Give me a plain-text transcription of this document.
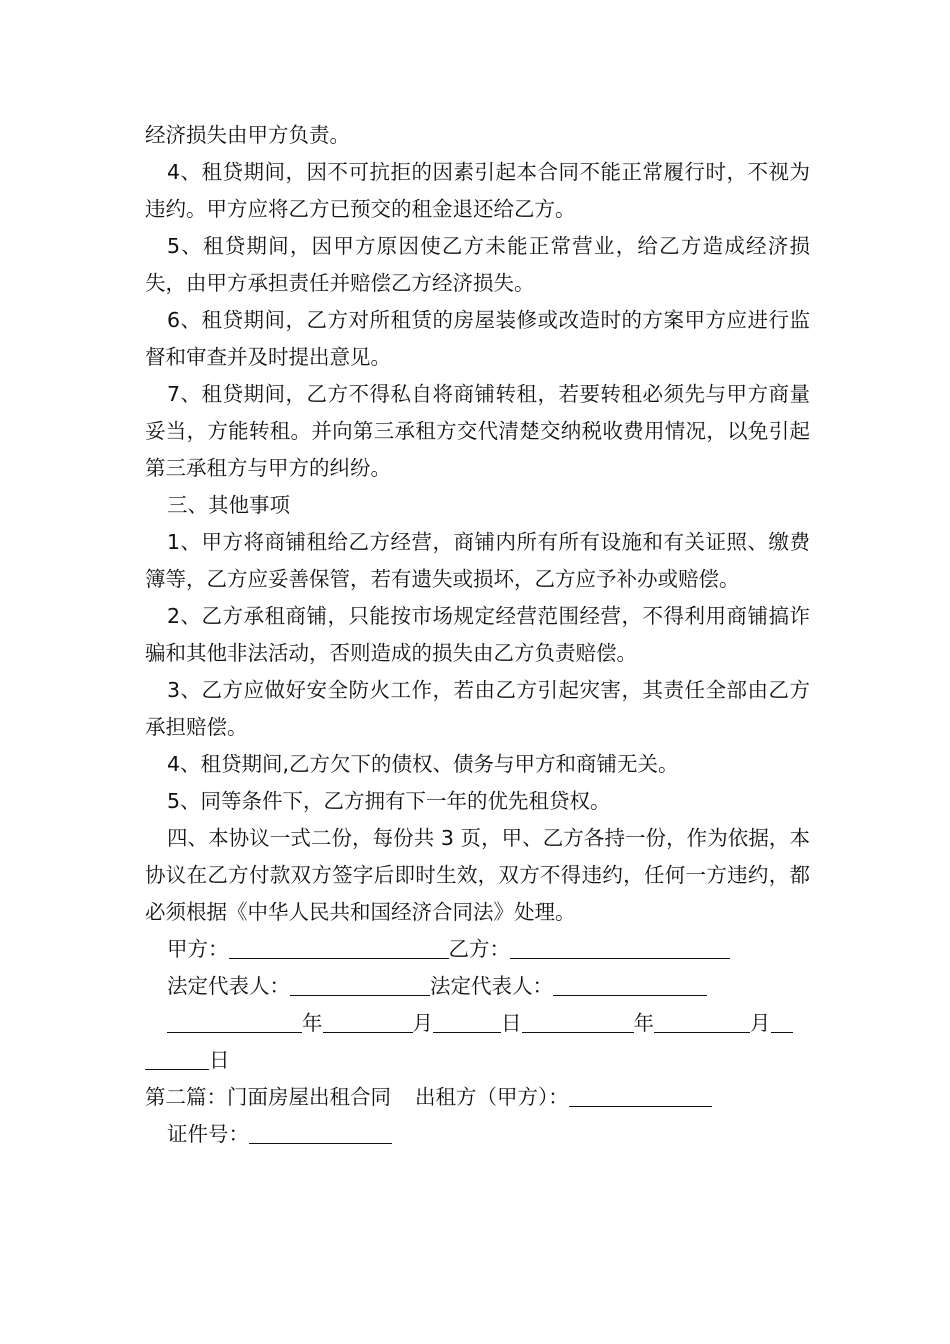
经济损失由甲方负责。

4、租贷期间，因不可抗拒的因素引起本合同不能正常履行时，不视为违约。甲方应将乙方已预交的租金退还给乙方。

5、租贷期间，因甲方原因使乙方未能正常营业，给乙方造成经济损失，由甲方承担责任并赔偿乙方经济损失。

6、租贷期间，乙方对所租赁的房屋装修或改造时的方案甲方应进行监督和审查并及时提出意见。

7、租贷期间，乙方不得私自将商铺转租，若要转租必须先与甲方商量妥当，方能转租。并向第三承租方交代清楚交纳税收费用情况，以免引起第三承租方与甲方的纠纷。

三、其他事项

1、甲方将商铺租给乙方经营，商铺内所有所有设施和有关证照、缴费簿等，乙方应妥善保管，若有遗失或损坏，乙方应予补办或赔偿。

2、乙方承租商铺，只能按市场规定经营范围经营，不得利用商铺搞诈骗和其他非法活动，否则造成的损失由乙方负责赔偿。

3、乙方应做好安全防火工作，若由乙方引起灾害，其责任全部由乙方承担赔偿。

4、租贷期间,乙方欠下的债权、债务与甲方和商铺无关。

5、同等条件下，乙方拥有下一年的优先租贷权。

四、本协议一式二份，每份共 3 页，甲、乙方各持一份，作为依据，本协议在乙方付款双方签字后即时生效，双方不得违约，任何一方违约，都必须根据《中华人民共和国经济合同法》处理。

甲方：	乙方：

法定代表人：	法定代表人：

年	月	日	年	月

日

第二篇：门面房屋出租合同 出租方（甲方）：

证件号：
